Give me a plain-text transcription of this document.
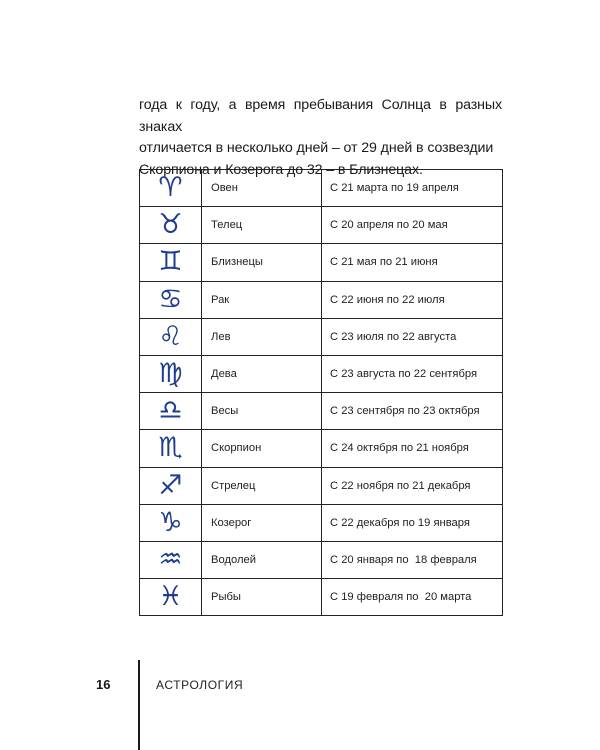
года к году, а время пребывания Солнца в разных знаках

отличается в несколько дней – от 29 дней в созвездии

Скорпиона и Козерога до 32 – в Близнецах.

♈︎	Овен	С 21 марта по 19 апреля
♉︎	Телец	С 20 апреля по 20 мая
♊︎	Близнецы	С 21 мая по 21 июня
♋︎	Рак	С 22 июня по 22 июля
♌︎	Лев	С 23 июля по 22 августа
♍︎	Дева	С 23 августа по 22 сентября
♎︎	Весы	С 23 сентября по 23 октября
♏︎	Скорпион	С 24 октября по 21 ноября
♐︎	Стрелец	С 22 ноября по 21 декабря
♑︎	Козерог	С 22 декабря по 19 января
♒︎	Водолей	С 20 января по  18 февраля
♓︎	Рыбы	С 19 февраля по  20 марта
16	АСТРОЛОГИЯ
